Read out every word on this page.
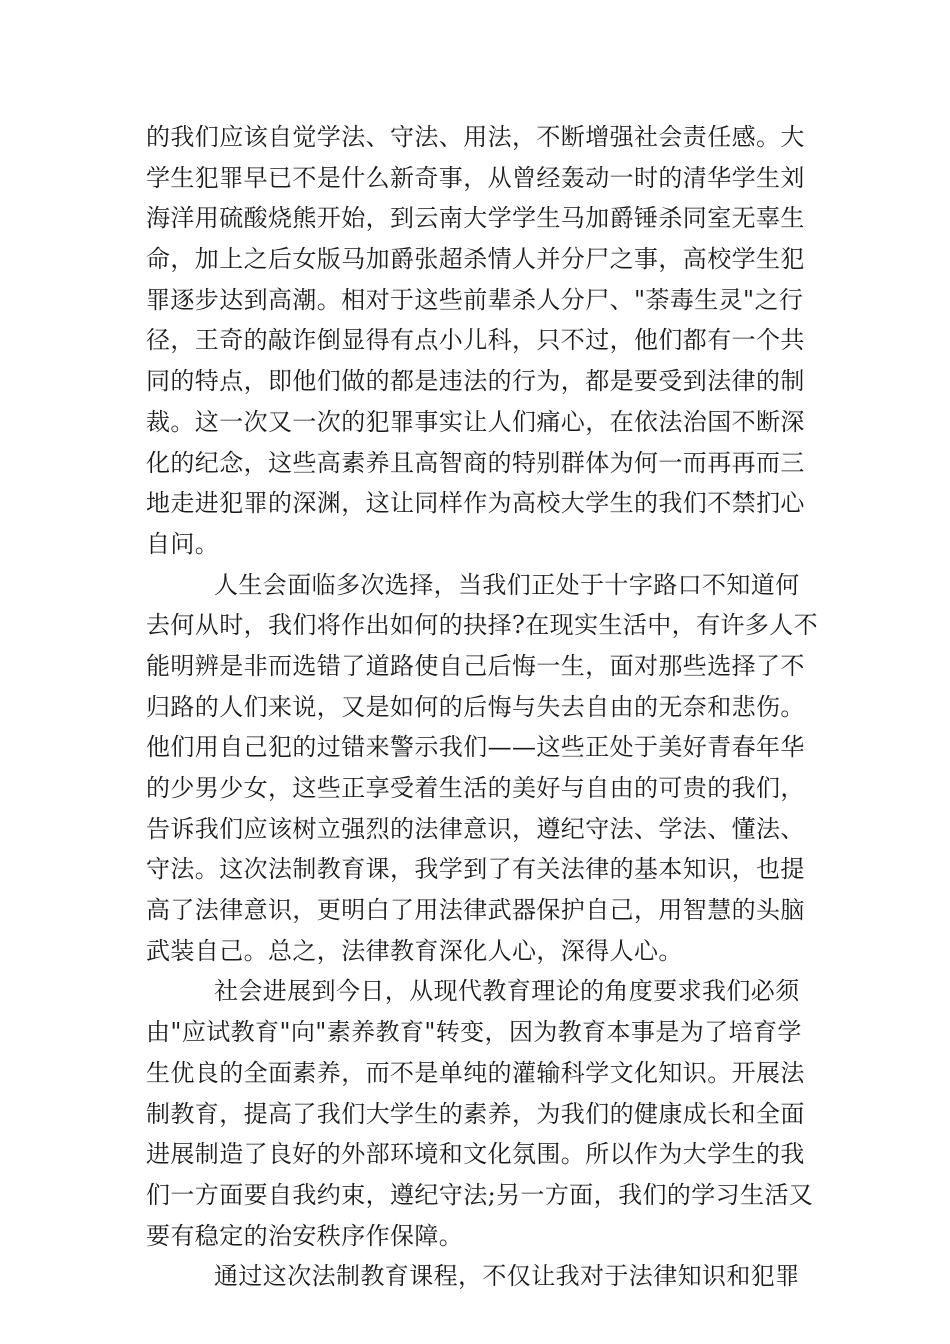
的我们应该自觉学法、守法、用法，不断增强社会责任感。大
学生犯罪早已不是什么新奇事，从曾经轰动一时的清华学生刘
海洋用硫酸烧熊开始，到云南大学学生马加爵锤杀同室无辜生
命，加上之后女版马加爵张超杀情人并分尸之事，高校学生犯
罪逐步达到高潮。相对于这些前辈杀人分尸、"荼毒生灵"之行
径，王奇的敲诈倒显得有点小儿科，只不过，他们都有一个共
同的特点，即他们做的都是违法的行为，都是要受到法律的制
裁。这一次又一次的犯罪事实让人们痛心，在依法治国不断深
化的纪念，这些高素养且高智商的特别群体为何一而再再而三
地走进犯罪的深渊，这让同样作为高校大学生的我们不禁扪心
自问。
人生会面临多次选择，当我们正处于十字路口不知道何
去何从时，我们将作出如何的抉择?在现实生活中，有许多人不
能明辨是非而选错了道路使自己后悔一生，面对那些选择了不
归路的人们来说，又是如何的后悔与失去自由的无奈和悲伤。
他们用自己犯的过错来警示我们——这些正处于美好青春年华
的少男少女，这些正享受着生活的美好与自由的可贵的我们，
告诉我们应该树立强烈的法律意识，遵纪守法、学法、懂法、
守法。这次法制教育课，我学到了有关法律的基本知识，也提
高了法律意识，更明白了用法律武器保护自己，用智慧的头脑
武装自己。总之，法律教育深化人心，深得人心。
社会进展到今日，从现代教育理论的角度要求我们必须
由"应试教育"向"素养教育"转变，因为教育本事是为了培育学
生优良的全面素养，而不是单纯的灌输科学文化知识。开展法
制教育，提高了我们大学生的素养，为我们的健康成长和全面
进展制造了良好的外部环境和文化氛围。所以作为大学生的我
们一方面要自我约束，遵纪守法;另一方面，我们的学习生活又
要有稳定的治安秩序作保障。
通过这次法制教育课程，不仅让我对于法律知识和犯罪
